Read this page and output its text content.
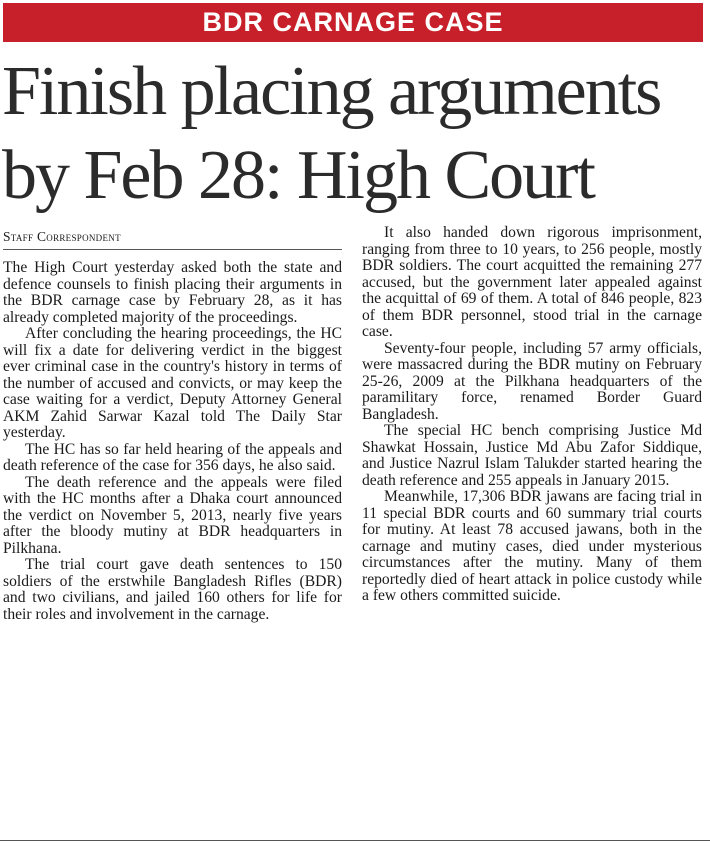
BDR CARNAGE CASE
Finish placing arguments
by Feb 28: High Court
Staff Correspondent

The High Court yesterday asked both the state and defence counsels to finish placing their arguments in the BDR carnage case by February 28, as it has already completed majority of the proceedings.

After concluding the hearing proceedings, the HC will fix a date for delivering verdict in the biggest ever criminal case in the country's history in terms of the number of accused and convicts, or may keep the case waiting for a verdict, Deputy Attorney General AKM Zahid Sarwar Kazal told The Daily Star yesterday.

The HC has so far held hearing of the appeals and death reference of the case for 356 days, he also said.

The death reference and the appeals were filed with the HC months after a Dhaka court announced the verdict on November 5, 2013, nearly five years after the bloody mutiny at BDR headquarters in Pilkhana.

The trial court gave death sentences to 150 soldiers of the erstwhile Bangladesh Rifles (BDR) and two civilians, and jailed 160 others for life for their roles and involvement in the carnage.

It also handed down rigorous imprisonment, ranging from three to 10 years, to 256 people, mostly BDR soldiers. The court acquitted the remaining 277 accused, but the government later appealed against the acquittal of 69 of them. A total of 846 people, 823 of them BDR personnel, stood trial in the carnage case.

Seventy-four people, including 57 army officials, were massacred during the BDR mutiny on February 25-26, 2009 at the Pilkhana headquarters of the paramilitary force, renamed Border Guard Bangladesh.

The special HC bench comprising Justice Md Shawkat Hossain, Justice Md Abu Zafor Siddique, and Justice Nazrul Islam Talukder started hearing the death reference and 255 appeals in January 2015.

Meanwhile, 17,306 BDR jawans are facing trial in 11 special BDR courts and 60 summary trial courts for mutiny. At least 78 accused jawans, both in the carnage and mutiny cases, died under mysterious circumstances after the mutiny. Many of them reportedly died of heart attack in police custody while a few others committed suicide.
